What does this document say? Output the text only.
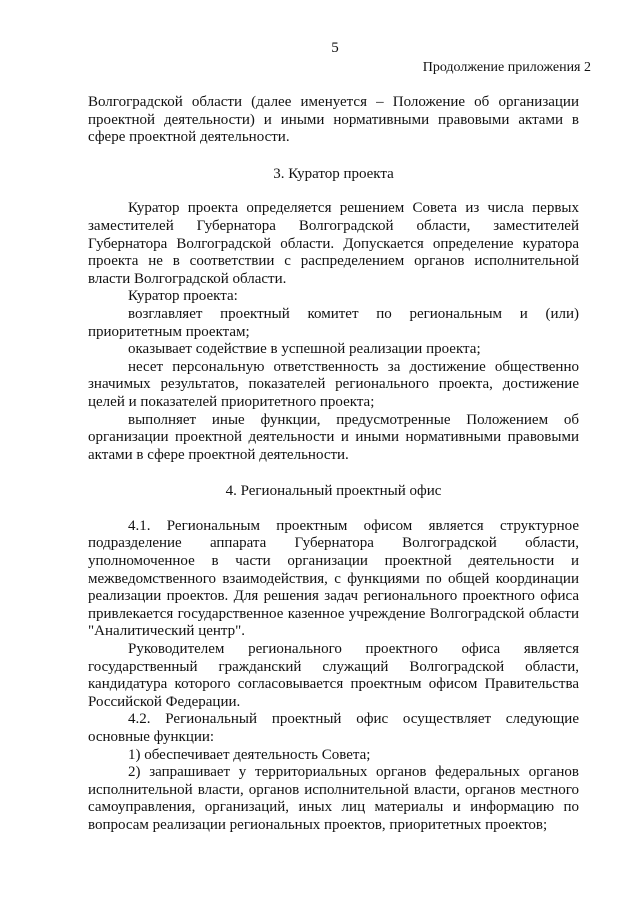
5
Продолжение приложения 2

Волгоградской области (далее именуется – Положение об организации проектной деятельности) и иными нормативными правовыми актами в сфере проектной деятельности.

3. Куратор проекта

Куратор проекта определяется решением Совета из числа первых заместителей Губернатора Волгоградской области, заместителей Губернатора Волгоградской области. Допускается определение куратора проекта не в соответствии с распределением органов исполнительной власти Волгоградской области.

Куратор проекта:

возглавляет проектный комитет по региональным и (или) приоритетным проектам;

оказывает содействие в успешной реализации проекта;

несет персональную ответственность за достижение общественно значимых результатов, показателей регионального проекта, достижение целей и показателей приоритетного проекта;

выполняет иные функции, предусмотренные Положением об организации проектной деятельности и иными нормативными правовыми актами в сфере проектной деятельности.

4. Региональный проектный офис

4.1. Региональным проектным офисом является структурное подразделение аппарата Губернатора Волгоградской области, уполномоченное в части организации проектной деятельности и межведомственного взаимодействия, с функциями по общей координации реализации проектов. Для решения задач регионального проектного офиса привлекается государственное казенное учреждение Волгоградской области "Аналитический центр".

Руководителем регионального проектного офиса является государственный гражданский служащий Волгоградской области, кандидатура которого согласовывается проектным офисом Правительства Российской Федерации.

4.2. Региональный проектный офис осуществляет следующие основные функции:

1) обеспечивает деятельность Совета;

2) запрашивает у территориальных органов федеральных органов исполнительной власти, органов исполнительной власти, органов местного самоуправления, организаций, иных лиц материалы и информацию по вопросам реализации региональных проектов, приоритетных проектов;
